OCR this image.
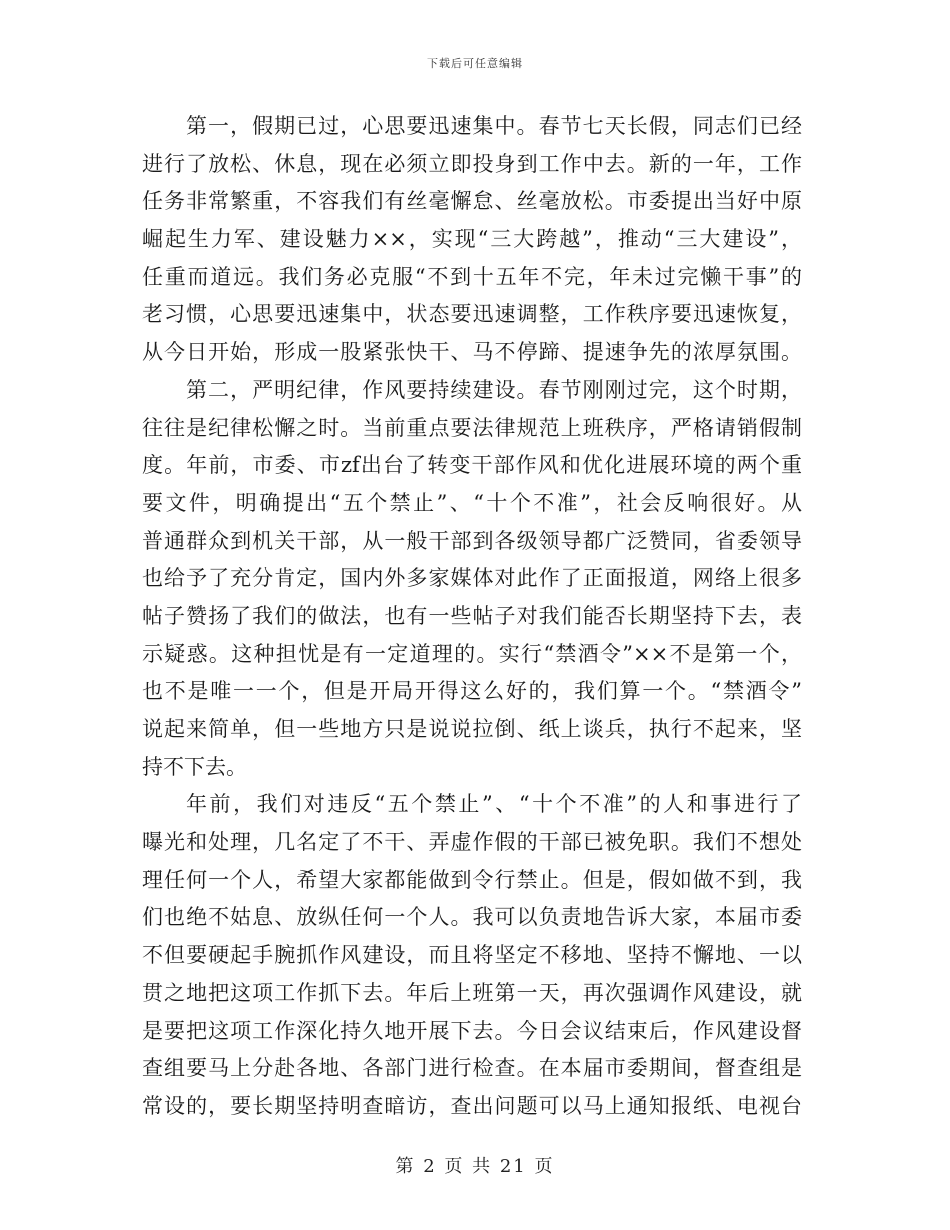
下载后可任意编辑
第一，假期已过，心思要迅速集中。春节七天长假，同志们已经
进行了放松、休息，现在必须立即投身到工作中去。新的一年，工作
任务非常繁重，不容我们有丝毫懈怠、丝毫放松。市委提出当好中原
崛起生力军、建设魅力××，实现“三大跨越”，推动“三大建设”，
任重而道远。我们务必克服“不到十五年不完，年未过完懒干事”的
老习惯，心思要迅速集中，状态要迅速调整，工作秩序要迅速恢复，
从今日开始，形成一股紧张快干、马不停蹄、提速争先的浓厚氛围。
第二，严明纪律，作风要持续建设。春节刚刚过完，这个时期，
往往是纪律松懈之时。当前重点要法律规范上班秩序，严格请销假制
度。年前，市委、市zf出台了转变干部作风和优化进展环境的两个重
要文件，明确提出“五个禁止”、“十个不准”，社会反响很好。从
普通群众到机关干部，从一般干部到各级领导都广泛赞同，省委领导
也给予了充分肯定，国内外多家媒体对此作了正面报道，网络上很多
帖子赞扬了我们的做法，也有一些帖子对我们能否长期坚持下去，表
示疑惑。这种担忧是有一定道理的。实行“禁酒令”××不是第一个，
也不是唯一一个，但是开局开得这么好的，我们算一个。“禁酒令”
说起来简单，但一些地方只是说说拉倒、纸上谈兵，执行不起来，坚
持不下去。
年前，我们对违反“五个禁止”、“十个不准”的人和事进行了
曝光和处理，几名定了不干、弄虚作假的干部已被免职。我们不想处
理任何一个人，希望大家都能做到令行禁止。但是，假如做不到，我
们也绝不姑息、放纵任何一个人。我可以负责地告诉大家，本届市委
不但要硬起手腕抓作风建设，而且将坚定不移地、坚持不懈地、一以
贯之地把这项工作抓下去。年后上班第一天，再次强调作风建设，就
是要把这项工作深化持久地开展下去。今日会议结束后，作风建设督
查组要马上分赴各地、各部门进行检查。在本届市委期间，督查组是
常设的，要长期坚持明查暗访，查出问题可以马上通知报纸、电视台
第 2 页 共 21 页
